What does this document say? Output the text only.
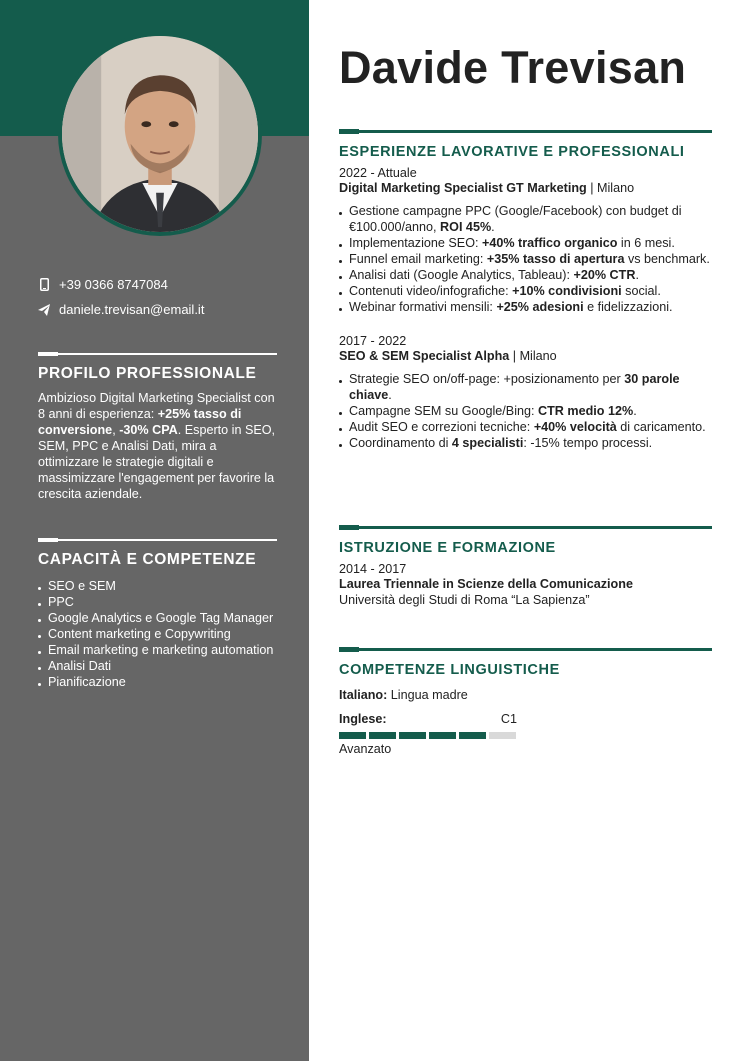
+39 0366 8747084
daniele.trevisan@email.it
PROFILO PROFESSIONALE
Ambizioso Digital Marketing Specialist con 8 anni di esperienza: +25% tasso di conversione, -30% CPA. Esperto in SEO, SEM, PPC e Analisi Dati, mira a ottimizzare le strategie digitali e massimizzare l'engagement per favorire la crescita aziendale.
CAPACITÀ E COMPETENZE
SEO e SEM
PPC
Google Analytics e Google Tag Manager
Content marketing e Copywriting
Email marketing e marketing automation
Analisi Dati
Pianificazione
Davide Trevisan
ESPERIENZE LAVORATIVE E PROFESSIONALI
2022 - Attuale
Digital Marketing Specialist GT Marketing | Milano
Gestione campagne PPC (Google/Facebook) con budget di €100.000/anno, ROI 45%.
Implementazione SEO: +40% traffico organico in 6 mesi.
Funnel email marketing: +35% tasso di apertura vs benchmark.
Analisi dati (Google Analytics, Tableau): +20% CTR.
Contenuti video/infografiche: +10% condivisioni social.
Webinar formativi mensili: +25% adesioni e fidelizzazioni.
2017 - 2022
SEO & SEM Specialist Alpha | Milano
Strategie SEO on/off-page: +posizionamento per 30 parole chiave.
Campagne SEM su Google/Bing: CTR medio 12%.
Audit SEO e correzioni tecniche: +40% velocità di caricamento.
Coordinamento di 4 specialisti: -15% tempo processi.
ISTRUZIONE E FORMAZIONE
2014 - 2017
Laurea Triennale in Scienze della Comunicazione
Università degli Studi di Roma “La Sapienza”
COMPETENZE LINGUISTICHE
Italiano: Lingua madre
Inglese:	C1
Avanzato
